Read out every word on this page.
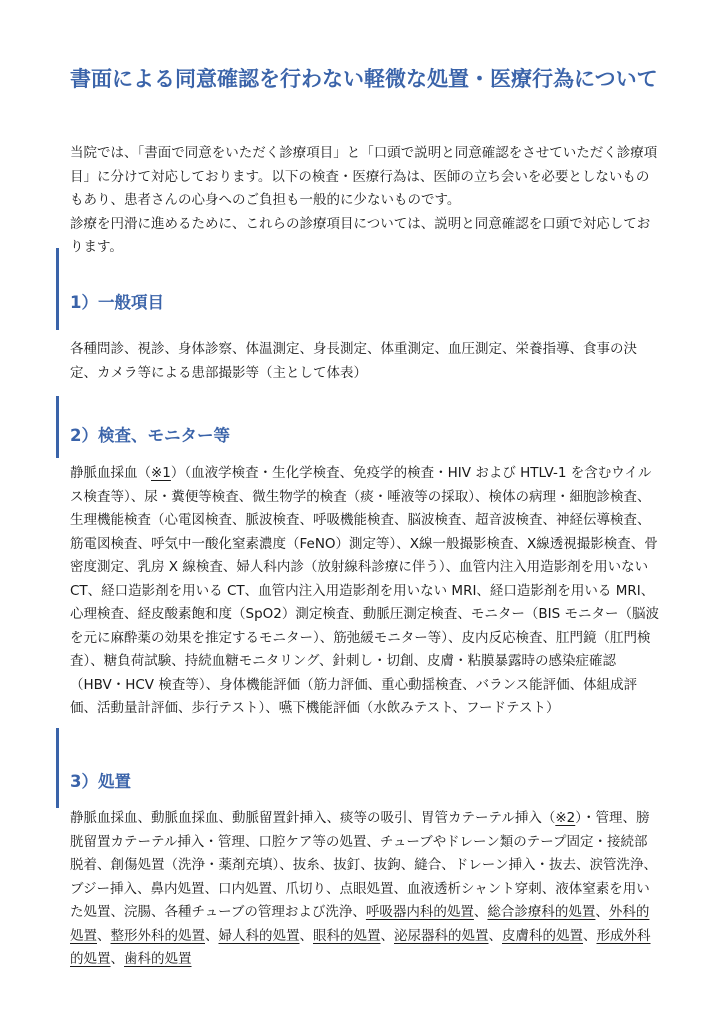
書面による同意確認を行わない軽微な処置・医療行為について

当院では、「書面で同意をいただく診療項目」と「口頭で説明と同意確認をさせていただく診療項目」に分けて対応しております。以下の検査・医療行為は、医師の立ち会いを必要としないものもあり、患者さんの心身へのご負担も一般的に少ないものです。

診療を円滑に進めるために、これらの診療項目については、説明と同意確認を口頭で対応しております。

1）一般項目

各種問診、視診、身体診察、体温測定、身長測定、体重測定、血圧測定、栄養指導、食事の決定、カメラ等による患部撮影等（主として体表）

2）検査、モニター等

静脈血採血（※1）（血液学検査・生化学検査、免疫学的検査・HIV および HTLV-1 を含むウイルス検査等）、尿・糞便等検査、微生物学的検査（痰・唾液等の採取）、検体の病理・細胞診検査、生理機能検査（心電図検査、脈波検査、呼吸機能検査、脳波検査、超音波検査、神経伝導検査、筋電図検査、呼気中一酸化窒素濃度（FeNO）測定等）、X線一般撮影検査、X線透視撮影検査、骨密度測定、乳房 X 線検査、婦人科内診（放射線科診療に伴う）、血管内注入用造影剤を用いない CT、経口造影剤を用いる CT、血管内注入用造影剤を用いない MRI、経口造影剤を用いる MRI、心理検査、経皮酸素飽和度（SpO2）測定検査、動脈圧測定検査、モニター（BIS モニター（脳波を元に麻酔薬の効果を推定するモニター）、筋弛緩モニター等）、皮内反応検査、肛門鏡（肛門検査）、糖負荷試験、持続血糖モニタリング、針刺し・切創、皮膚・粘膜暴露時の感染症確認（HBV・HCV 検査等）、身体機能評価（筋力評価、重心動揺検査、バランス能評価、体組成評価、活動量計評価、歩行テスト）、嚥下機能評価（水飲みテスト、フードテスト）

3）処置

静脈血採血、動脈血採血、動脈留置針挿入、痰等の吸引、胃管カテーテル挿入（※2）・管理、膀胱留置カテーテル挿入・管理、口腔ケア等の処置、チューブやドレーン類のテープ固定・接続部脱着、創傷処置（洗浄・薬剤充填）、抜糸、抜釘、抜鉤、縫合、ドレーン挿入・抜去、涙管洗浄、ブジー挿入、鼻内処置、口内処置、爪切り、点眼処置、血液透析シャント穿刺、液体窒素を用いた処置、浣腸、各種チューブの管理および洗浄、呼吸器内科的処置、総合診療科的処置、外科的処置、整形外科的処置、婦人科的処置、眼科的処置、泌尿器科的処置、皮膚科的処置、形成外科的処置、歯科的処置
